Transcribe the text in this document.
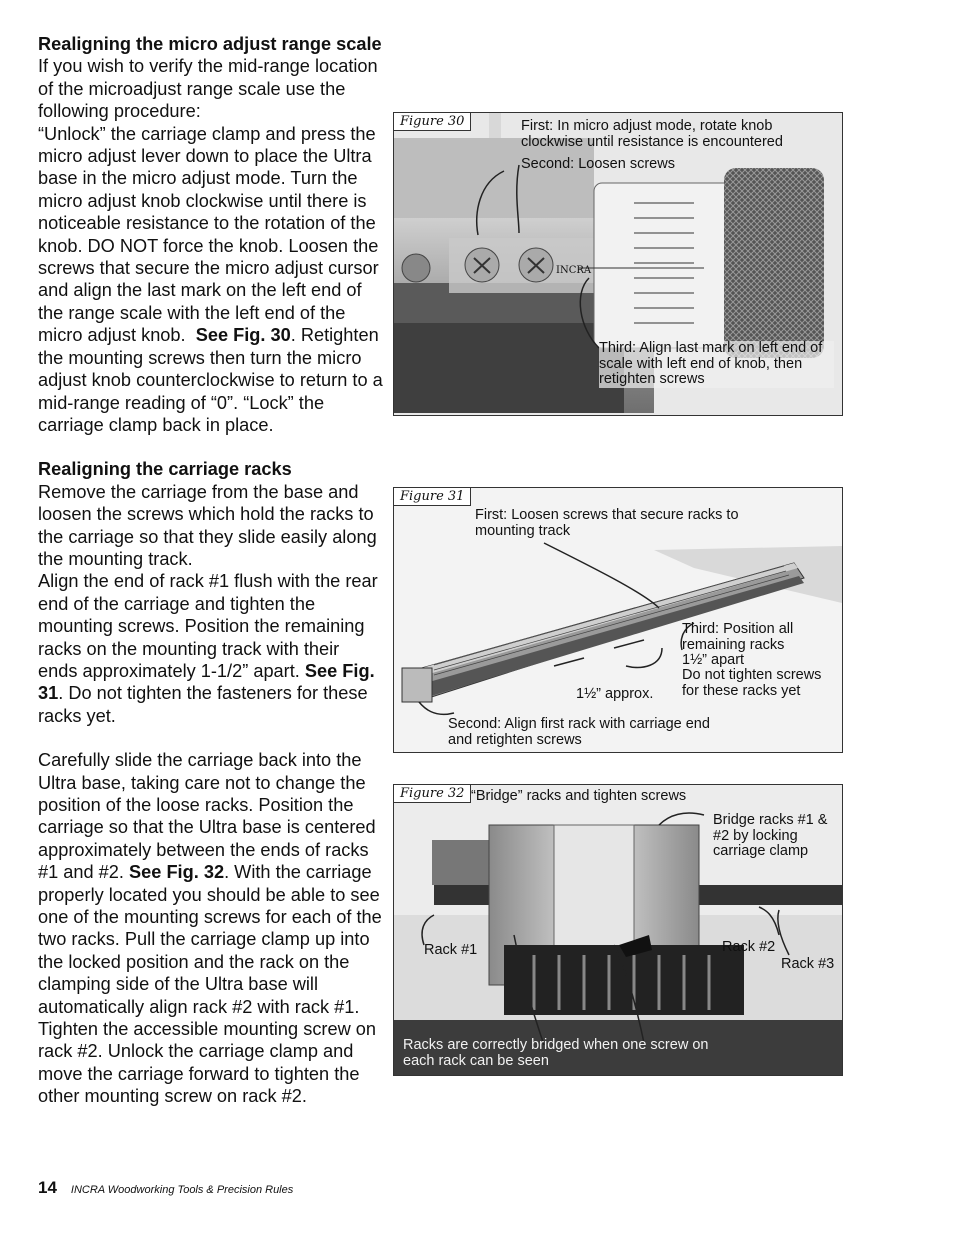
Realigning the micro adjust range scale

If you wish to verify the mid-range location of the microadjust range scale use the following procedure:

“Unlock” the carriage clamp and press the micro adjust lever down to place the Ultra base in the micro adjust mode. Turn the micro adjust knob clockwise until there is noticeable resistance to the rotation of the knob. DO NOT force the knob. Loosen the screws that secure the micro adjust cursor and align the last mark on the left end of the range scale with the left end of the micro adjust knob. See Fig. 30. Retighten the mounting screws then turn the micro adjust knob counterclockwise to return to a mid-range reading of “0”. “Lock” the carriage clamp back in place.

Realigning the carriage racks

Remove the carriage from the base and loosen the screws which hold the racks to the carriage so that they slide easily along the mounting track.

Align the end of rack #1 flush with the rear end of the carriage and tighten the mounting screws. Position the remaining racks on the mounting track with their ends approximately 1-1/2” apart. See Fig. 31. Do not tighten the fasteners for these racks yet.

Carefully slide the carriage back into the Ultra base, taking care not to change the position of the loose racks. Position the carriage so that the Ultra base is centered approximately between the ends of racks #1 and #2. See Fig. 32. With the carriage properly located you should be able to see one of the mounting screws for each of the two racks. Pull the carriage clamp up into the locked position and the rack on the clamping side of the Ultra base will automatically align rack #2 with rack #1. Tighten the accessible mounting screw on rack #2. Unlock the carriage clamp and move the carriage forward to tighten the other mounting screw on rack #2.

Figure 30	First: In micro adjust mode, rotate knob clockwise until resistance is encountered
Second: Loosen screws
INCRA
Third: Align last mark on left end of scale with left end of knob, then retighten screws
Figure 31
First: Loosen screws that secure racks to mounting track
Third: Position all remaining racks 1½” apart
Do not tighten screws for these racks yet
1½” approx.
Second: Align first rack with carriage end and retighten screws
Figure 32 “Bridge” racks and tighten screws
Bridge racks #1 & #2 by locking carriage clamp
Rack #1	Rack #2
Rack #3
Racks are correctly bridged when one screw on each rack can be seen
14 INCRA Woodworking Tools & Precision Rules
